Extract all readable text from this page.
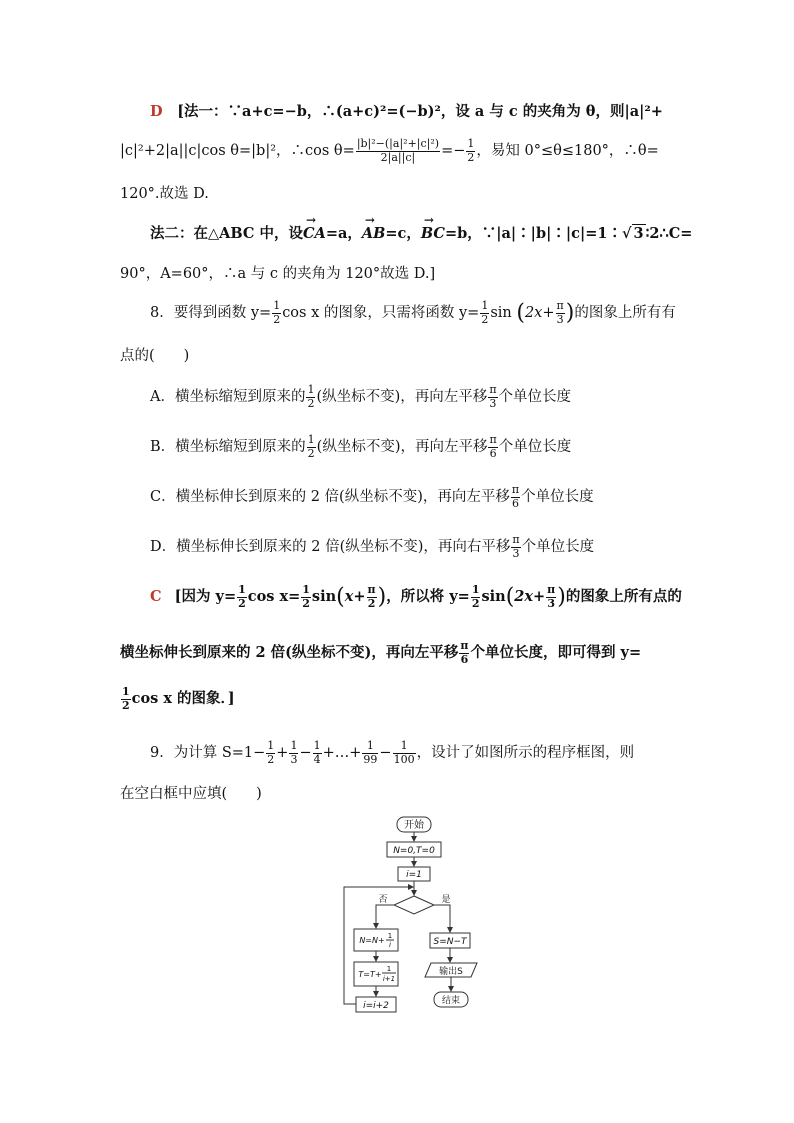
D [法一：∵a+c=−b，∴(a+c)²=(−b)²，设 a 与 c 的夹角为 θ，则|a|²+
|c|²+2|a||c|cos θ=|b|²，∴cos $\theta= \frac{\text{|b|²−(|a|²+|c|²)}}{2|a||c|} =- \frac{1}{2}$ ，易知 0°≤θ≤180°，∴θ=
120°.故选 D.
法二：在△ABC 中，设→ CA=a，→ AB=c，→ BC=b，∵|a|∶|b|∶|c|=1∶√ 3 ∶2∴C=
90°，A=60°，∴a 与 c 的夹角为 120°故选 D.]
8．要得到函数 $y= \frac{1}{2}$ cos x 的图象，只需将函数 $y= \frac{1}{2}$ $\sin (2x+ \frac{\pi}{3}$ )的图象上所有有
点的(　　)
A．横坐标缩短到原来的 $\frac{1}{2}$ (纵坐标不变)，再向左平移 $\frac{\pi}{3}$ 个单位长度
B．横坐标缩短到原来的 $\frac{1}{2}$ (纵坐标不变)，再向左平移 $\frac{\pi}{6}$ 个单位长度
C．横坐标伸长到原来的 2 倍(纵坐标不变)，再向左平移 $\frac{\pi}{6}$ 个单位长度
D．横坐标伸长到原来的 2 倍(纵坐标不变)，再向右平移 $\frac{\pi}{3}$ 个单位长度
C [因为 $y= \frac{1}{2}$ $\cos x= \frac{1}{2} \sin(x+ \frac{\pi}{2}$ )，所以将 $y= \frac{1}{2} \sin(2x+ \frac{\pi}{3}$ )的图象上所有点的
横坐标伸长到原来的 2 倍(纵坐标不变)，再向左平移 $\frac{\pi}{6}$ 个单位长度，即可得到 y=
$\frac{1}{2}$ cos x 的图象．]
9．为计算 $S=1- \frac{1}{2} + \frac{1}{3} - \frac{1}{4}$ +…+ $\frac{1}{99} - \frac{1}{100}$ ，设计了如图所示的程序框图，则
在空白框中应填(　　)
开始
N=0,T=0
i=1
否	是
N=N+ 1
i
T=T+
1
i+1
i=i+2
S=N−T
输出S
结束
